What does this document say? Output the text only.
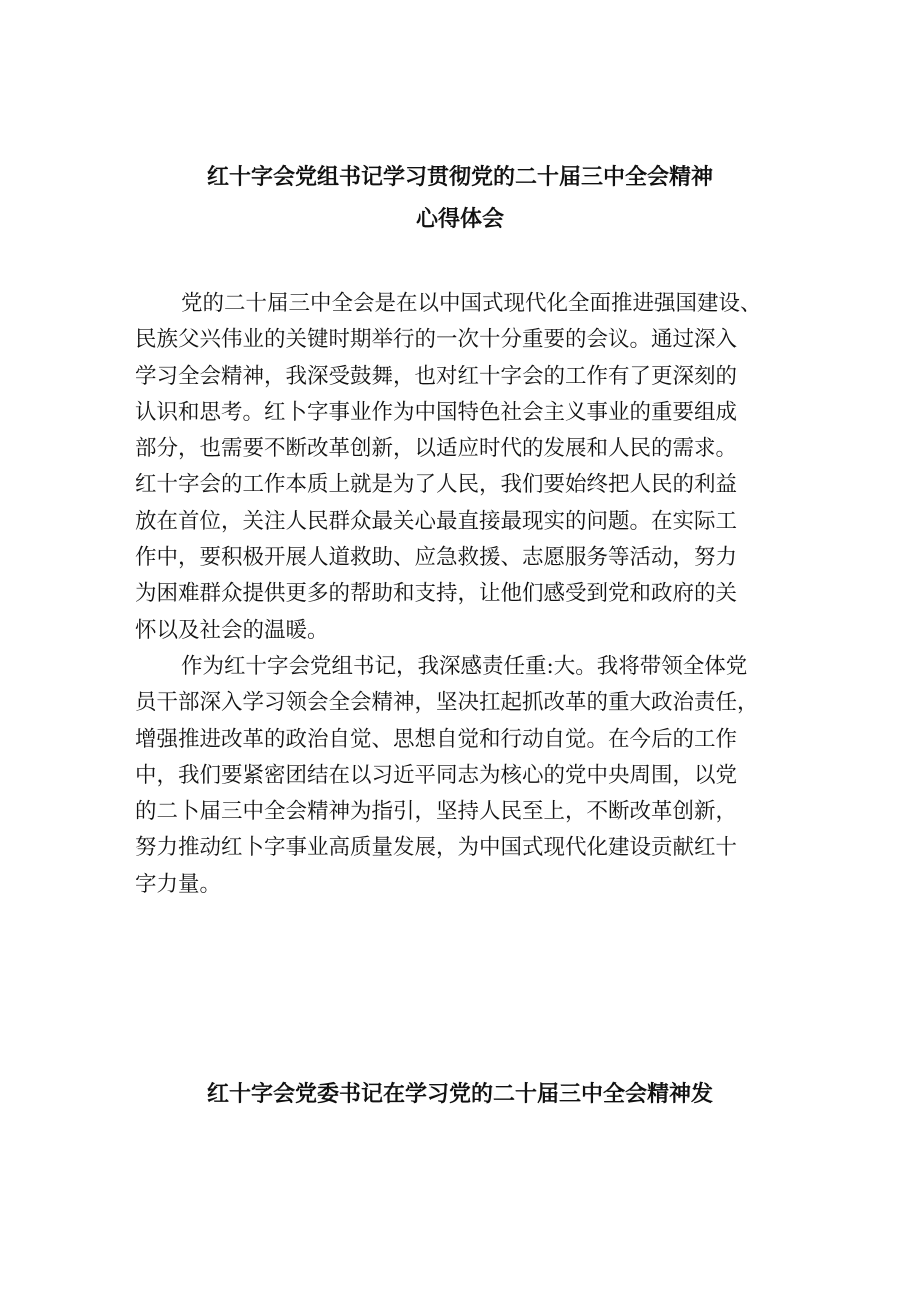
红十字会党组书记学习贯彻党的二十届三中全会精神
心得体会
党的二十届三中全会是在以中国式现代化全面推进强国建设、
民族父兴伟业的关键时期举行的一次十分重要的会议。通过深入
学习全会精神，我深受鼓舞，也对红十字会的工作有了更深刻的
认识和思考。红卜字事业作为中国特色社会主义事业的重要组成
部分，也需要不断改革创新，以适应时代的发展和人民的需求。
红十字会的工作本质上就是为了人民，我们要始终把人民的利益
放在首位，关注人民群众最关心最直接最现实的问题。在实际工
作中，要积极开展人道救助、应急救援、志愿服务等活动，努力
为困难群众提供更多的帮助和支持，让他们感受到党和政府的关
怀以及社会的温暖。
作为红十字会党组书记，我深感责任重:大。我将带领全体党
员干部深入学习领会全会精神，坚决扛起抓改革的重大政治责任，
增强推进改革的政治自觉、思想自觉和行动自觉。在今后的工作
中，我们要紧密团结在以习近平同志为核心的党中央周围，以党
的二卜届三中全会精神为指引，坚持人民至上，不断改革创新，
努力推动红卜字事业高质量发展，为中国式现代化建设贡献红十
字力量。
红十字会党委书记在学习党的二十届三中全会精神发
